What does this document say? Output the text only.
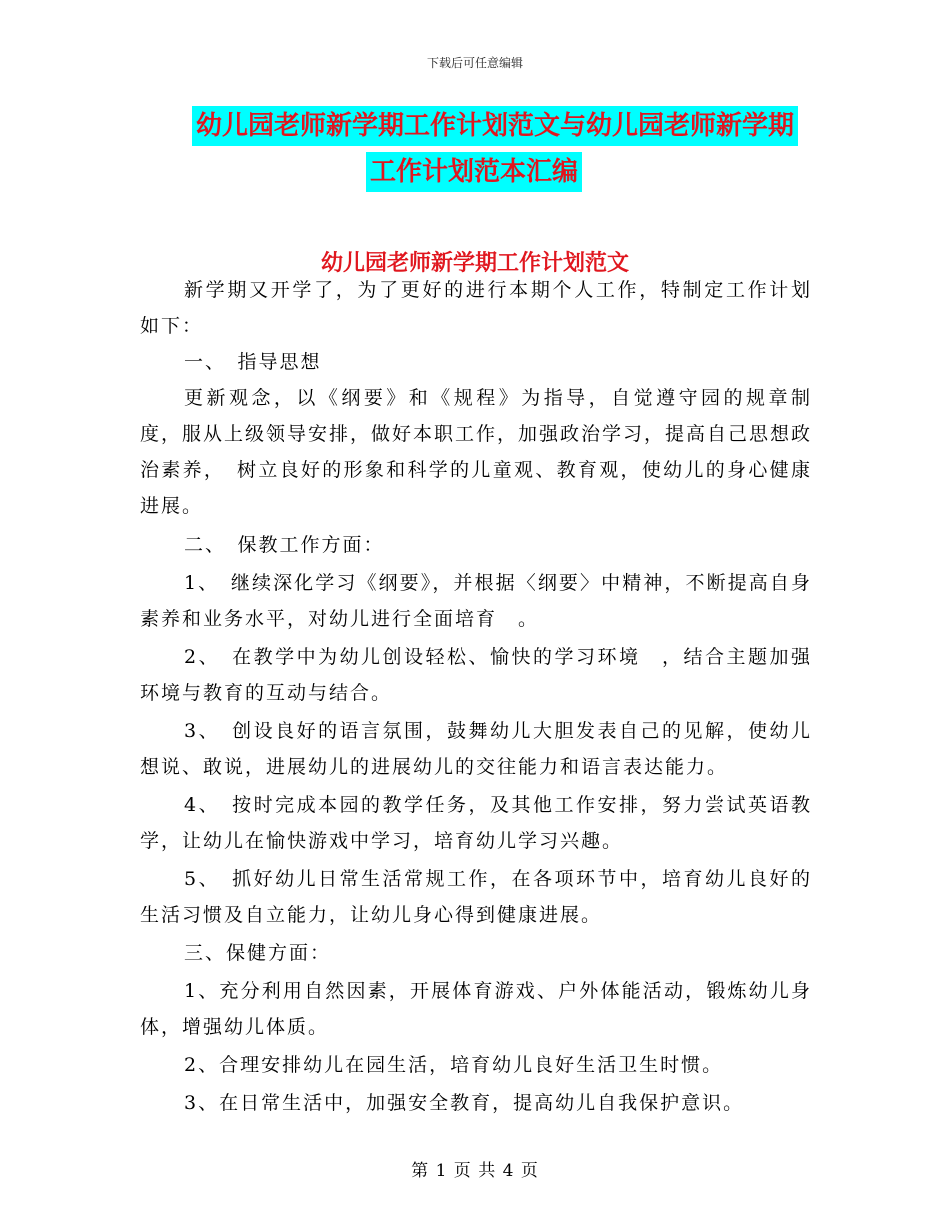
下载后可任意编辑
幼儿园老师新学期工作计划范文与幼儿园老师新学期
工作计划范本汇编
幼儿园老师新学期工作计划范文

新学期又开学了，为了更好的进行本期个人工作，特制定工作计划如下：

一、　指导思想

更新观念，以《纲要》和《规程》为指导，自觉遵守园的规章制度，服从上级领导安排，做好本职工作，加强政治学习，提高自己思想政治素养，　树立良好的形象和科学的儿童观、教育观，使幼儿的身心健康进展。

二、　保教工作方面：

1、　继续深化学习《纲要》，并根据〈纲要〉中精神，不断提高自身素养和业务水平，对幼儿进行全面培育　。

2、　在教学中为幼儿创设轻松、愉快的学习环境　，结合主题加强环境与教育的互动与结合。

3、　创设良好的语言氛围，鼓舞幼儿大胆发表自己的见解，使幼儿想说、敢说，进展幼儿的进展幼儿的交往能力和语言表达能力。

4、　按时完成本园的教学任务，及其他工作安排，努力尝试英语教学，让幼儿在愉快游戏中学习，培育幼儿学习兴趣。

5、　抓好幼儿日常生活常规工作，在各项环节中，培育幼儿良好的生活习惯及自立能力，让幼儿身心得到健康进展。

三、保健方面：

1、充分利用自然因素，开展体育游戏、户外体能活动，锻炼幼儿身体，增强幼儿体质。

2、合理安排幼儿在园生活，培育幼儿良好生活卫生时惯。

3、在日常生活中，加强安全教育，提高幼儿自我保护意识。

第 1 页 共 4 页
